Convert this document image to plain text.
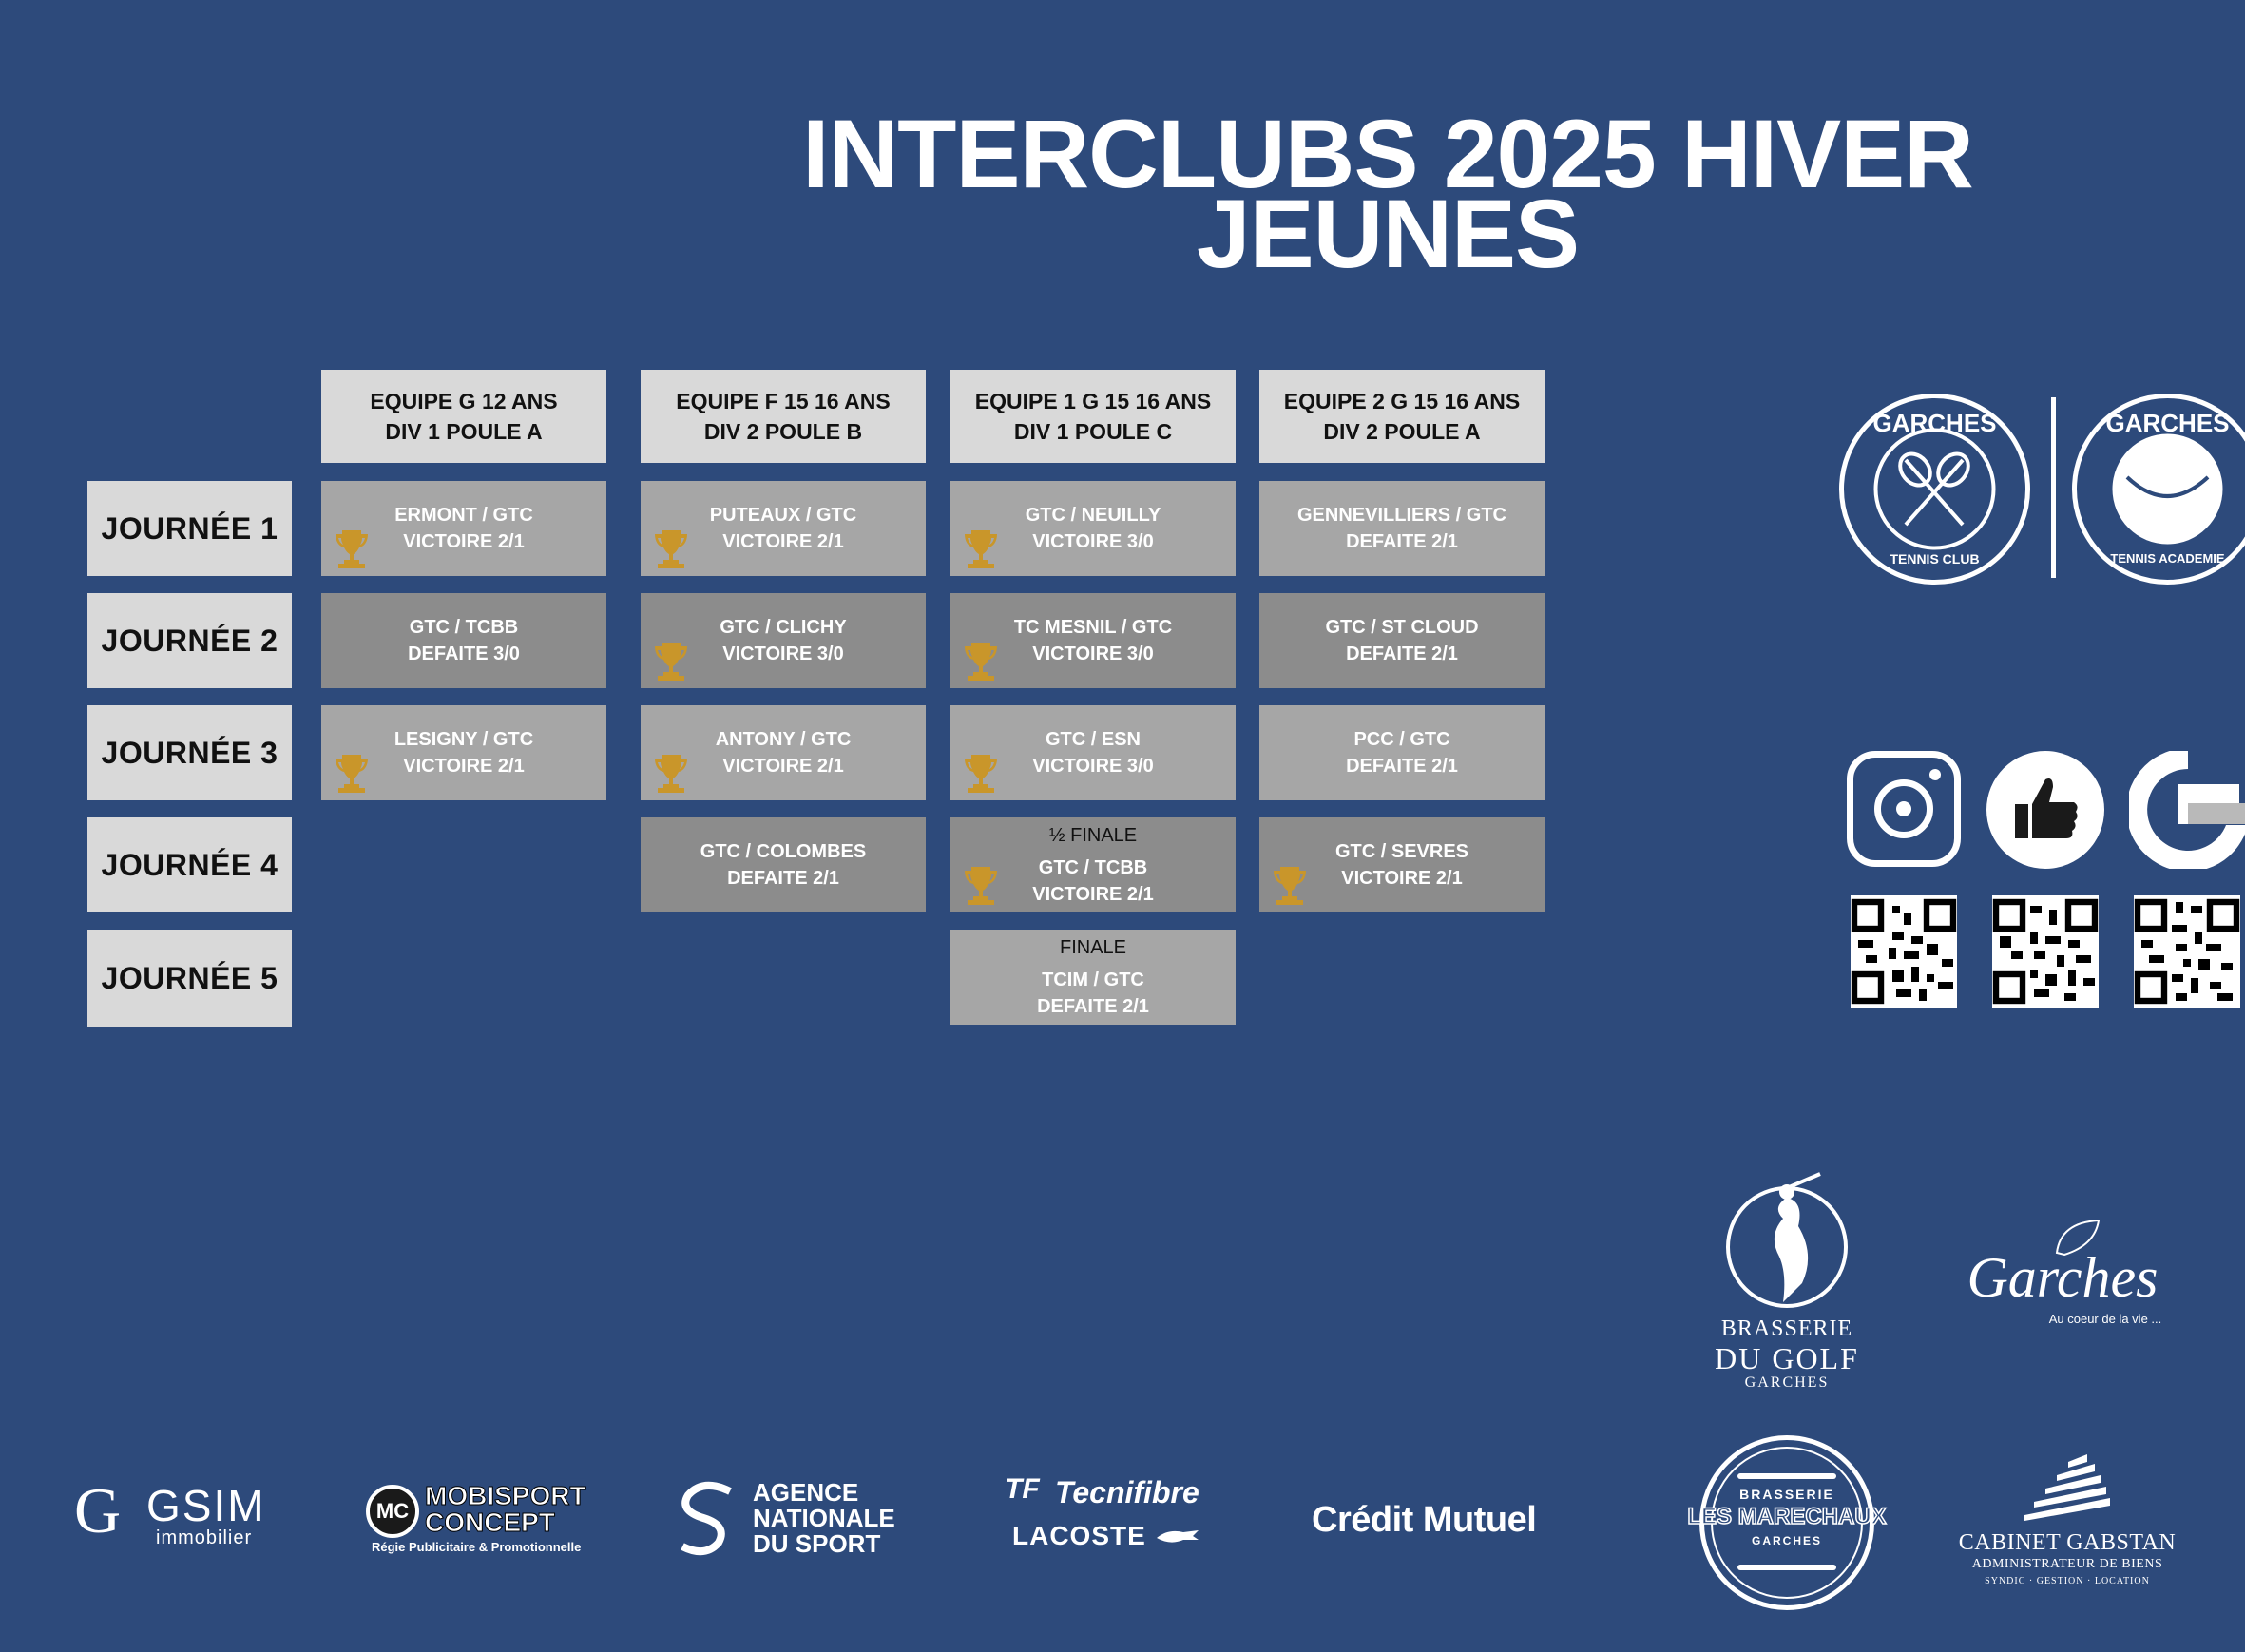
INTERCLUBS 2025 HIVER
JEUNES
EQUIPE G 12 ANS
DIV 1 POULE A
EQUIPE F 15 16 ANS
DIV 2 POULE B
EQUIPE 1 G 15 16 ANS
DIV 1 POULE C
EQUIPE 2 G 15 16 ANS
DIV 2 POULE A
JOURNÉE 1
JOURNÉE 2
JOURNÉE 3
JOURNÉE 4
JOURNÉE 5
ERMONT / GTC
VICTOIRE 2/1
GTC / TCBB
DEFAITE 3/0
LESIGNY / GTC
VICTOIRE 2/1
PUTEAUX / GTC
VICTOIRE 2/1
GTC / CLICHY
VICTOIRE 3/0
ANTONY / GTC
VICTOIRE 2/1
GTC / COLOMBES
DEFAITE 2/1
GTC / NEUILLY
VICTOIRE 3/0
TC MESNIL / GTC
VICTOIRE 3/0
GTC / ESN
VICTOIRE 3/0
½ FINALE
GTC / TCBB
VICTOIRE 2/1
FINALE
TCIM / GTC
DEFAITE 2/1
GENNEVILLIERS / GTC
DEFAITE 2/1
GTC / ST CLOUD
DEFAITE 2/1
PCC / GTC
DEFAITE 2/1
GTC / SEVRES
VICTOIRE 2/1
GARCHES
TENNIS CLUB
GARCHES
TENNIS ACADEMIE
BRASSERIE
DU GOLF
GARCHES
Garches
Au coeur de la vie ...
G GSIM
immobilier
MC
MOBISPORT
CONCEPT
Régie Publicitaire & Promotionnelle
AGENCE
NATIONALE
DU SPORT
TF Tecnifibre
LACOSTE	Crédit Mutuel
BRASSERIE
LES MARECHAUX
GARCHES	CABINET GABSTAN
ADMINISTRATEUR DE BIENS
SYNDIC · GESTION · LOCATION
